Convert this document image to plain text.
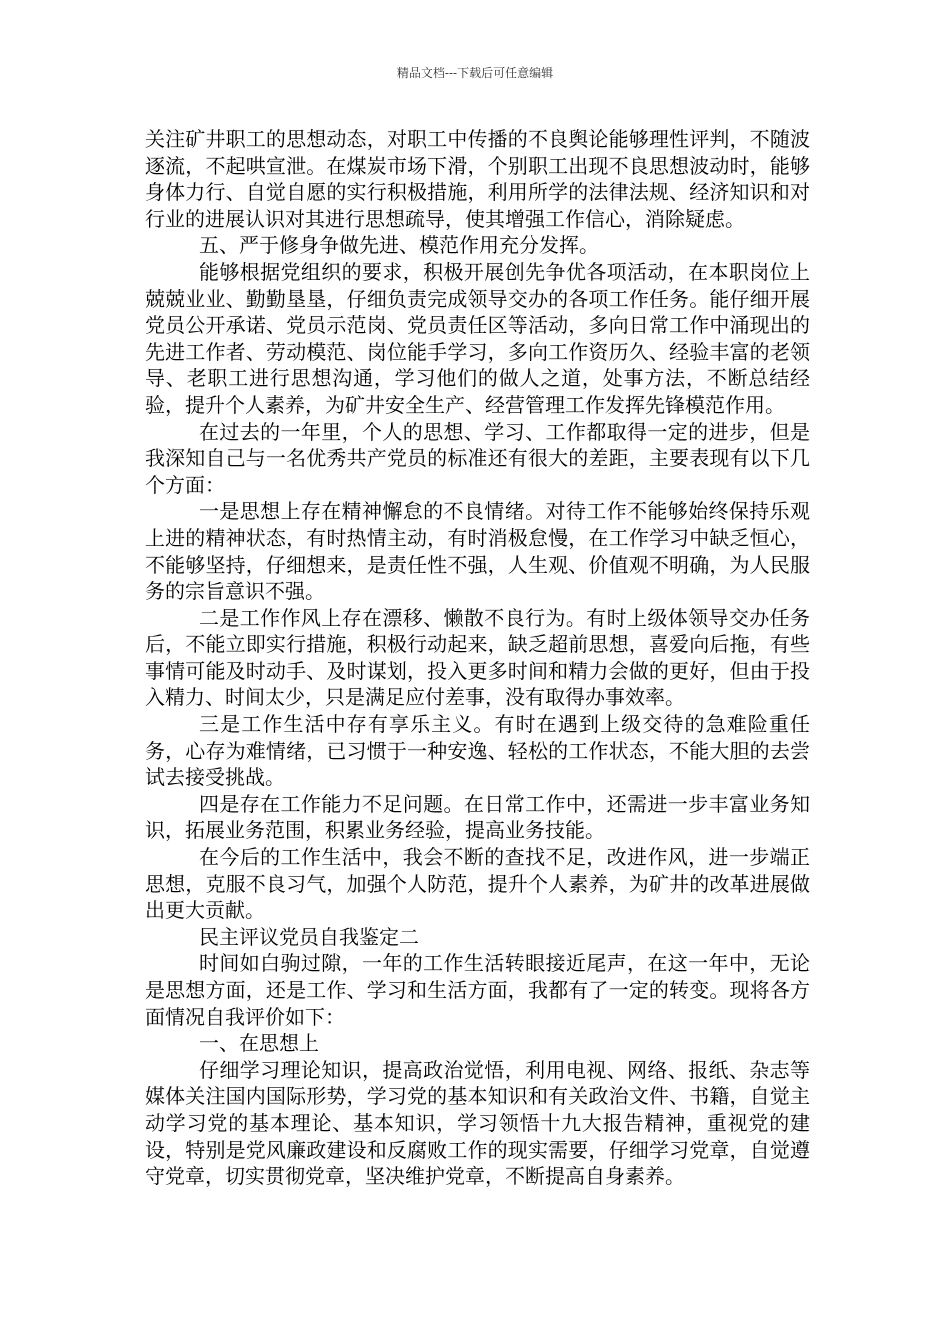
精品文档---下载后可任意编辑

关注矿井职工的思想动态，对职工中传播的不良舆论能够理性评判，不随波逐流，不起哄宣泄。在煤炭市场下滑，个别职工出现不良思想波动时，能够身体力行、自觉自愿的实行积极措施，利用所学的法律法规、经济知识和对行业的进展认识对其进行思想疏导，使其增强工作信心，消除疑虑。

五、严于修身争做先进、模范作用充分发挥。

能够根据党组织的要求，积极开展创先争优各项活动，在本职岗位上兢兢业业、勤勤垦垦，仔细负责完成领导交办的各项工作任务。能仔细开展党员公开承诺、党员示范岗、党员责任区等活动，多向日常工作中涌现出的先进工作者、劳动模范、岗位能手学习，多向工作资历久、经验丰富的老领导、老职工进行思想沟通，学习他们的做人之道，处事方法，不断总结经验，提升个人素养，为矿井安全生产、经营管理工作发挥先锋模范作用。

在过去的一年里，个人的思想、学习、工作都取得一定的进步，但是我深知自己与一名优秀共产党员的标准还有很大的差距，主要表现有以下几个方面：

一是思想上存在精神懈怠的不良情绪。对待工作不能够始终保持乐观上进的精神状态，有时热情主动，有时消极怠慢，在工作学习中缺乏恒心，不能够坚持，仔细想来，是责任性不强，人生观、价值观不明确，为人民服务的宗旨意识不强。

二是工作作风上存在漂移、懒散不良行为。有时上级体领导交办任务后，不能立即实行措施，积极行动起来，缺乏超前思想，喜爱向后拖，有些事情可能及时动手、及时谋划，投入更多时间和精力会做的更好，但由于投入精力、时间太少，只是满足应付差事，没有取得办事效率。

三是工作生活中存有享乐主义。有时在遇到上级交待的急难险重任务，心存为难情绪，已习惯于一种安逸、轻松的工作状态，不能大胆的去尝试去接受挑战。

四是存在工作能力不足问题。在日常工作中，还需进一步丰富业务知识，拓展业务范围，积累业务经验，提高业务技能。

在今后的工作生活中，我会不断的查找不足，改进作风，进一步端正思想，克服不良习气，加强个人防范，提升个人素养，为矿井的改革进展做出更大贡献。

民主评议党员自我鉴定二

时间如白驹过隙，一年的工作生活转眼接近尾声，在这一年中，无论是思想方面，还是工作、学习和生活方面，我都有了一定的转变。现将各方面情况自我评价如下：

一、在思想上

仔细学习理论知识，提高政治觉悟，利用电视、网络、报纸、杂志等媒体关注国内国际形势，学习党的基本知识和有关政治文件、书籍，自觉主动学习党的基本理论、基本知识，学习领悟十九大报告精神，重视党的建设，特别是党风廉政建设和反腐败工作的现实需要，仔细学习党章，自觉遵守党章，切实贯彻党章，坚决维护党章，不断提高自身素养。
